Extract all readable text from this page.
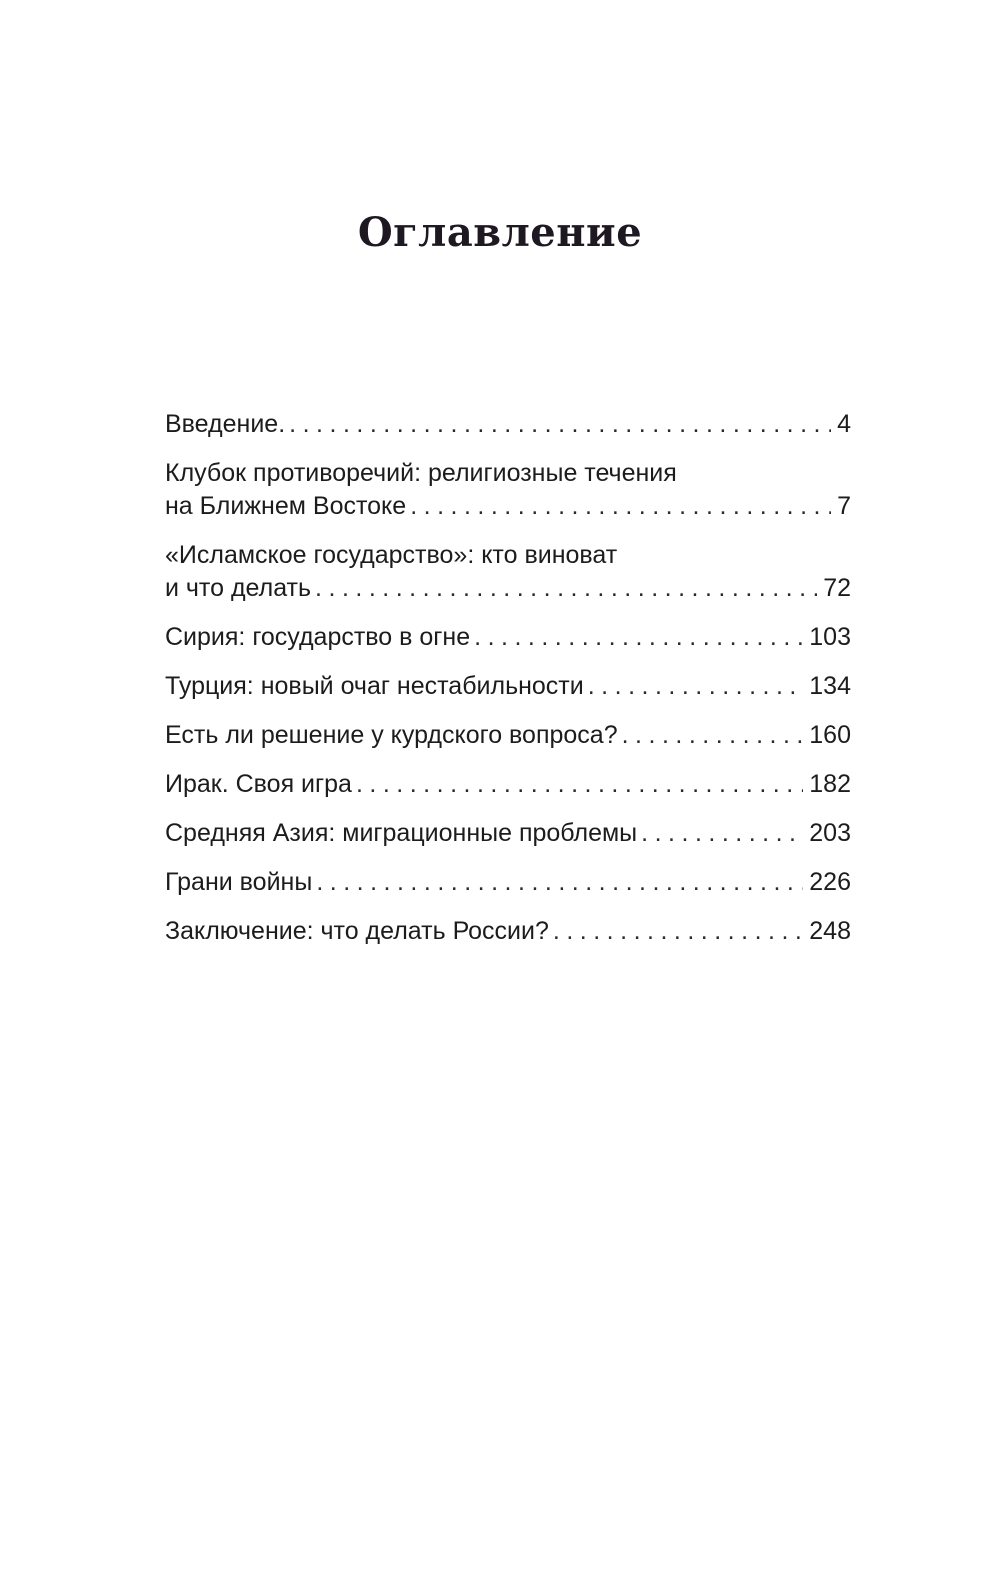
Оглавление
Введение. .....	4
Клубок противоречий: религиозные течения
на Ближнем Востоке .....	7
«Исламское государство»: кто виноват
и что делать .....	72
Сирия: государство в огне .....	103
Турция: новый очаг нестабильности .....	134
Есть ли решение у курдского вопроса? .....	160
Ирак. Своя игра .....	182
Средняя Азия: миграционные проблемы .....	203
Грани войны .....	226
Заключение: что делать России? .....	248
